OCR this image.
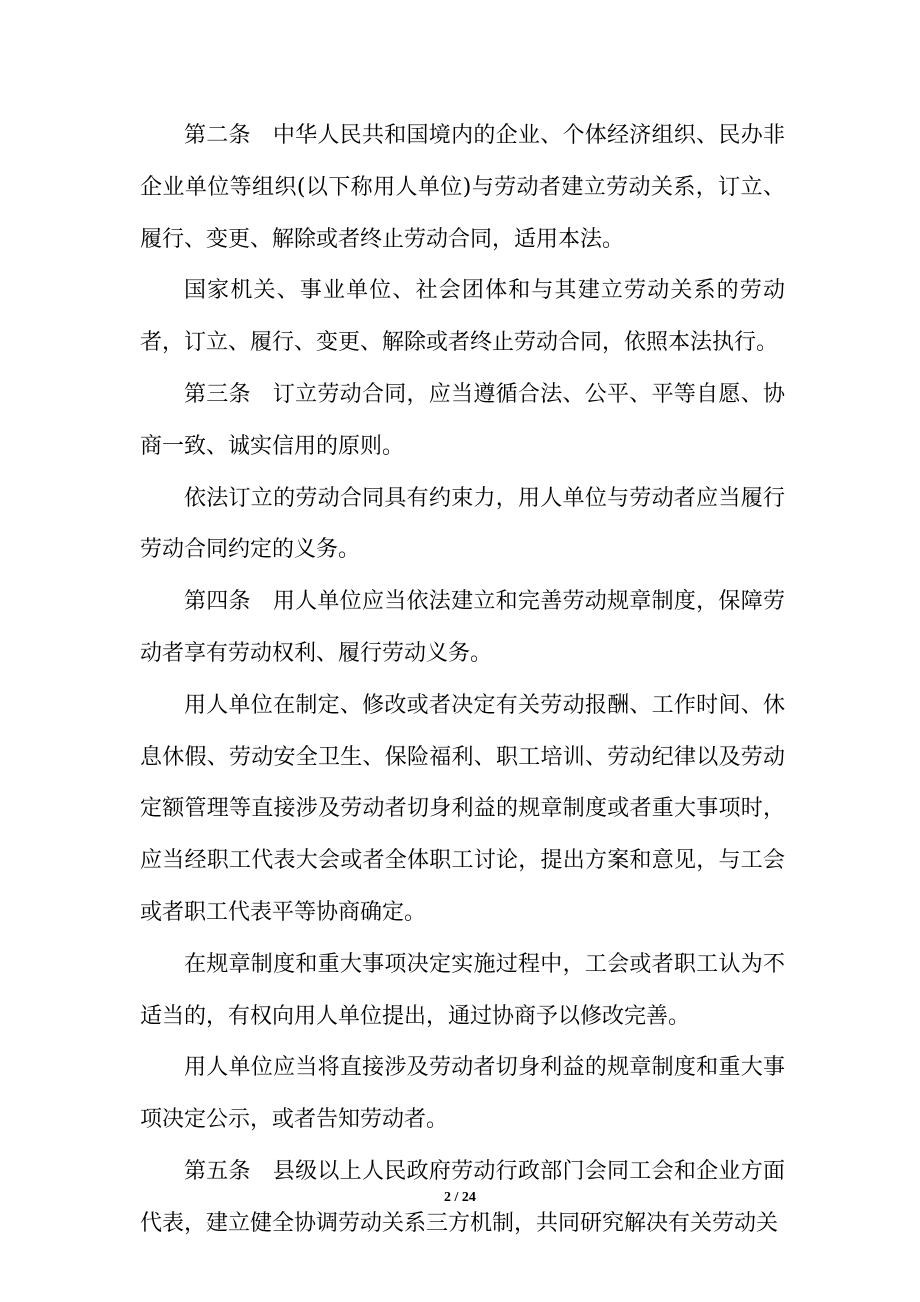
第二条 中华人民共和国境内的企业、个体经济组织、民办非企业单位等组织(以下称用人单位)与劳动者建立劳动关系，订立、履行、变更、解除或者终止劳动合同，适用本法。

国家机关、事业单位、社会团体和与其建立劳动关系的劳动者，订立、履行、变更、解除或者终止劳动合同，依照本法执行。

第三条 订立劳动合同，应当遵循合法、公平、平等自愿、协商一致、诚实信用的原则。

依法订立的劳动合同具有约束力，用人单位与劳动者应当履行劳动合同约定的义务。

第四条 用人单位应当依法建立和完善劳动规章制度，保障劳动者享有劳动权利、履行劳动义务。

用人单位在制定、修改或者决定有关劳动报酬、工作时间、休息休假、劳动安全卫生、保险福利、职工培训、劳动纪律以及劳动定额管理等直接涉及劳动者切身利益的规章制度或者重大事项时，应当经职工代表大会或者全体职工讨论，提出方案和意见，与工会或者职工代表平等协商确定。

在规章制度和重大事项决定实施过程中，工会或者职工认为不适当的，有权向用人单位提出，通过协商予以修改完善。

用人单位应当将直接涉及劳动者切身利益的规章制度和重大事项决定公示，或者告知劳动者。

第五条 县级以上人民政府劳动行政部门会同工会和企业方面代表，建立健全协调劳动关系三方机制，共同研究解决有关劳动关

2 / 24
